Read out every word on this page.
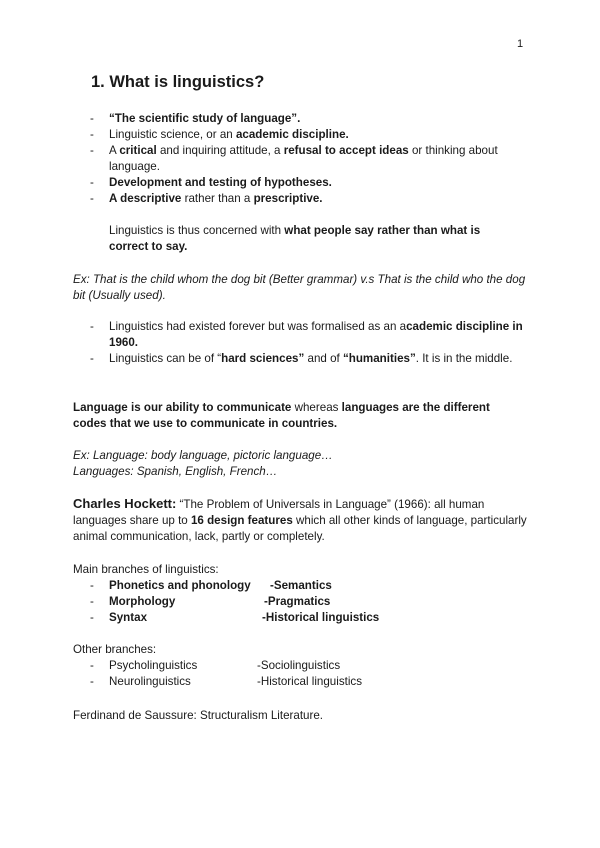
1
1. What is linguistics?
- “The scientific study of language”.
- Linguistic science, or an academic discipline.
- A critical and inquiring attitude, a refusal to accept ideas or thinking about language.
- Development and testing of hypotheses.
- A descriptive rather than a prescriptive.
Linguistics is thus concerned with what people say rather than what is correct to say.
Ex: That is the child whom the dog bit (Better grammar) v.s That is the child who the dog bit (Usually used).
- Linguistics had existed forever but was formalised as an academic discipline in 1960.
- Linguistics can be of “hard sciences” and of “humanities”. It is in the middle.
Language is our ability to communicate whereas languages are the different codes that we use to communicate in countries.
Ex: Language: body language, pictoric language…
Languages: Spanish, English, French…
Charles Hockett: “The Problem of Universals in Language” (1966): all human languages share up to 16 design features which all other kinds of language, particularly animal communication, lack, partly or completely.
Main branches of linguistics:
- Phonetics and phonology -Semantics
- Morphology	-Pragmatics
- Syntax	-Historical linguistics
Other branches:
- Psycholinguistics	-Sociolinguistics
- Neurolinguistics	-Historical linguistics
Ferdinand de Saussure: Structuralism Literature.
